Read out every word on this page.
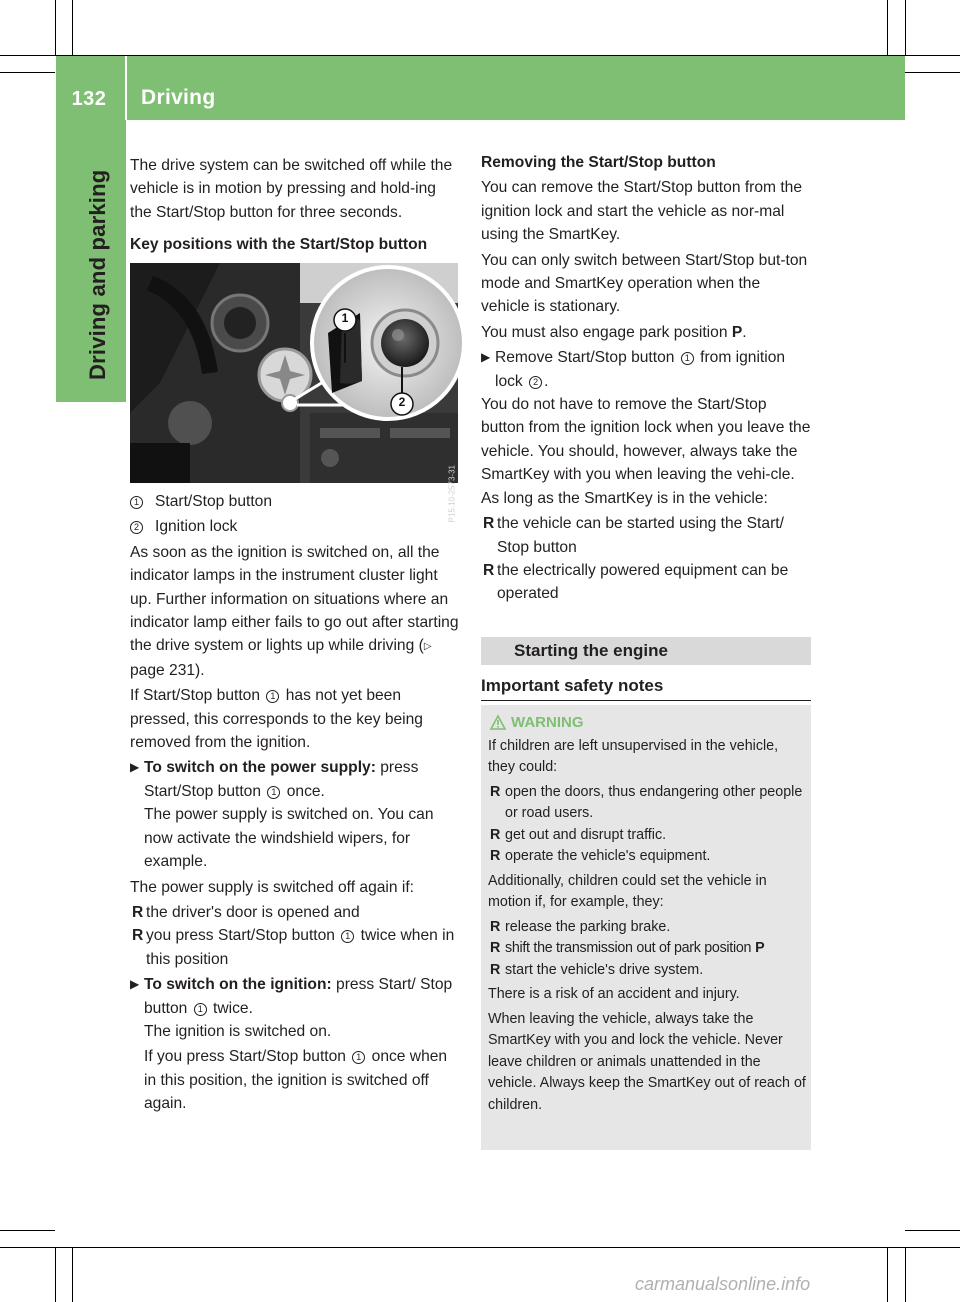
132	Driving
Driving and parking

The drive system can be switched off while the vehicle is in motion by pressing and hold-ing the Start/Stop button for three seconds.

Key positions with the Start/Stop button

1
2
P15.10-2573-31

1 Start/Stop button

2 Ignition lock

As soon as the ignition is switched on, all the indicator lamps in the instrument cluster light up. Further information on situations where an indicator lamp either fails to go out after starting the drive system or lights up while driving (▷ page 231).

If Start/Stop button 1 has not yet been pressed, this corresponds to the key being removed from the ignition.

▶ To switch on the power supply: press Start/Stop button 1 once.

The power supply is switched on. You can now activate the windshield wipers, for example.

The power supply is switched off again if:

R the driver's door is opened and
R you press Start/Stop button 1 twice when in this position
▶ To switch on the ignition: press Start/ Stop button 1 twice.

The ignition is switched on.

If you press Start/Stop button 1 once when in this position, the ignition is switched off again.

Removing the Start/Stop button

You can remove the Start/Stop button from the ignition lock and start the vehicle as nor-mal using the SmartKey.

You can only switch between Start/Stop but-ton mode and SmartKey operation when the vehicle is stationary.

You must also engage park position P.

▶ Remove Start/Stop button 1 from ignition lock 2 .

You do not have to remove the Start/Stop button from the ignition lock when you leave the vehicle. You should, however, always take the SmartKey with you when leaving the vehi-cle. As long as the SmartKey is in the vehicle:

R the vehicle can be started using the Start/ Stop button
R the electrically powered equipment can be operated
Starting the engine
Important safety notes
WARNING

If children are left unsupervised in the vehicle, they could:

R open the doors, thus endangering other people or road users.
R get out and disrupt traffic.
R operate the vehicle's equipment.

Additionally, children could set the vehicle in motion if, for example, they:

R release the parking brake.
R shift the transmission out of park position P
R start the vehicle's drive system.

There is a risk of an accident and injury.

When leaving the vehicle, always take the SmartKey with you and lock the vehicle. Never leave children or animals unattended in the vehicle. Always keep the SmartKey out of reach of children.

carmanualsonline.info
